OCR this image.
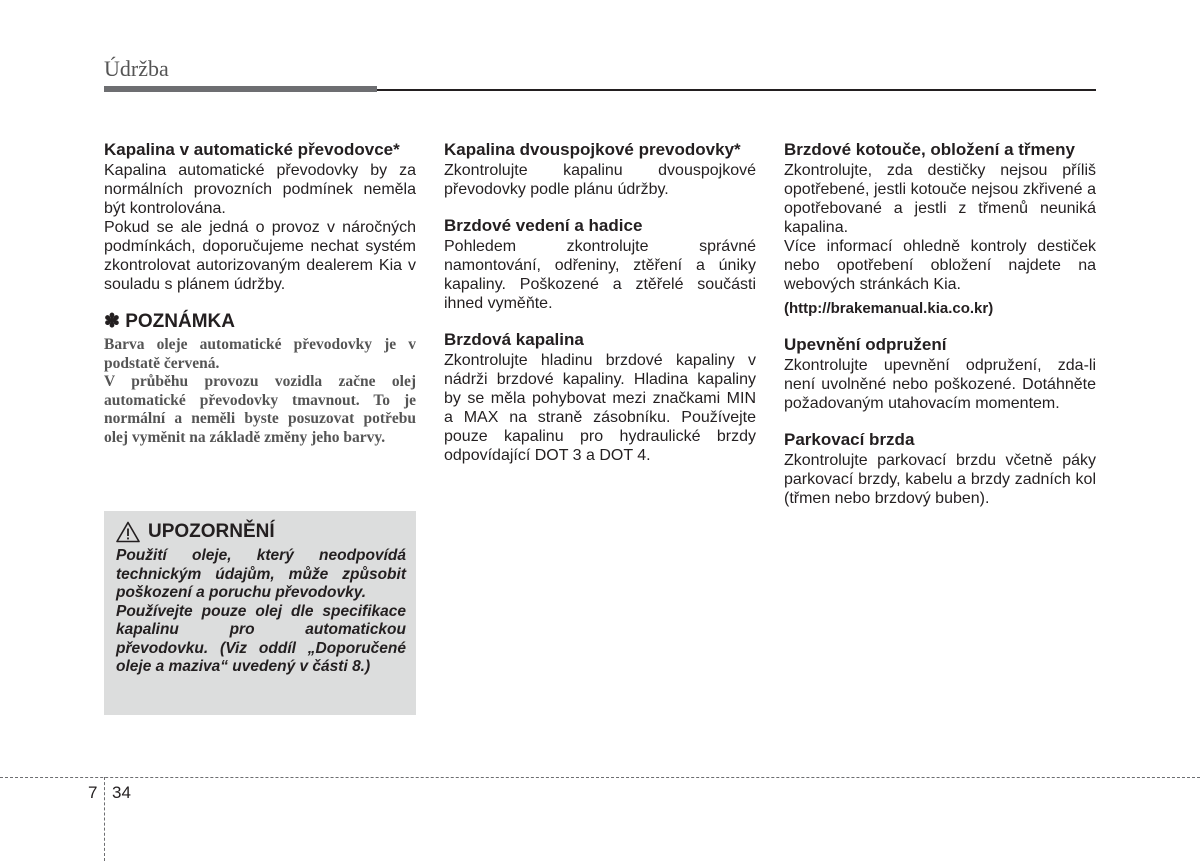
Údržba
Kapalina v automatické převodovce*

Kapalina automatické převodovky by za normálních provozních podmínek neměla být kontrolována.

Pokud se ale jedná o provoz v náročných podmínkách, doporučujeme nechat systém zkontrolovat autorizovaným dealerem Kia v souladu s plánem údržby.

✽ POZNÁMKA

Barva oleje automatické převodovky je v podstatě červená.

V průběhu provozu vozidla začne olej automatické převodovky tmavnout. To je normální a neměli byste posuzovat potřebu olej vyměnit na základě změny jeho barvy.

UPOZORNĚNÍ

Použití oleje, který neodpovídá technickým údajům, může způsobit poškození a poruchu převodovky.

Používejte pouze olej dle specifikace kapalinu pro automatickou převodovku. (Viz oddíl „Doporučené oleje a maziva“ uvedený v části 8.)

Kapalina dvouspojkové prevodovky*

Zkontrolujte kapalinu dvouspojkové převodovky podle plánu údržby.

Brzdové vedení a hadice

Pohledem zkontrolujte správné namontování, odřeniny, ztěření a úniky kapaliny. Poškozené a ztěřelé součásti ihned vyměňte.

Brzdová kapalina

Zkontrolujte hladinu brzdové kapaliny v nádrži brzdové kapaliny. Hladina kapaliny by se měla pohybovat mezi značkami MIN a MAX na straně zásobníku. Používejte pouze kapalinu pro hydraulické brzdy odpovídající DOT 3 a DOT 4.

Brzdové kotouče, obložení a třmeny

Zkontrolujte, zda destičky nejsou příliš opotřebené, jestli kotouče nejsou zkřivené a opotřebované a jestli z třmenů neuniká kapalina.

Více informací ohledně kontroly destiček nebo opotřebení obložení najdete na webových stránkách Kia.

(http://brakemanual.kia.co.kr)
Upevnění odpružení

Zkontrolujte upevnění odpružení, zda-li není uvolněné nebo poškozené. Dotáhněte požadovaným utahovacím momentem.

Parkovací brzda

Zkontrolujte parkovací brzdu včetně páky parkovací brzdy, kabelu a brzdy zadních kol (třmen nebo brzdový buben).

7 34
